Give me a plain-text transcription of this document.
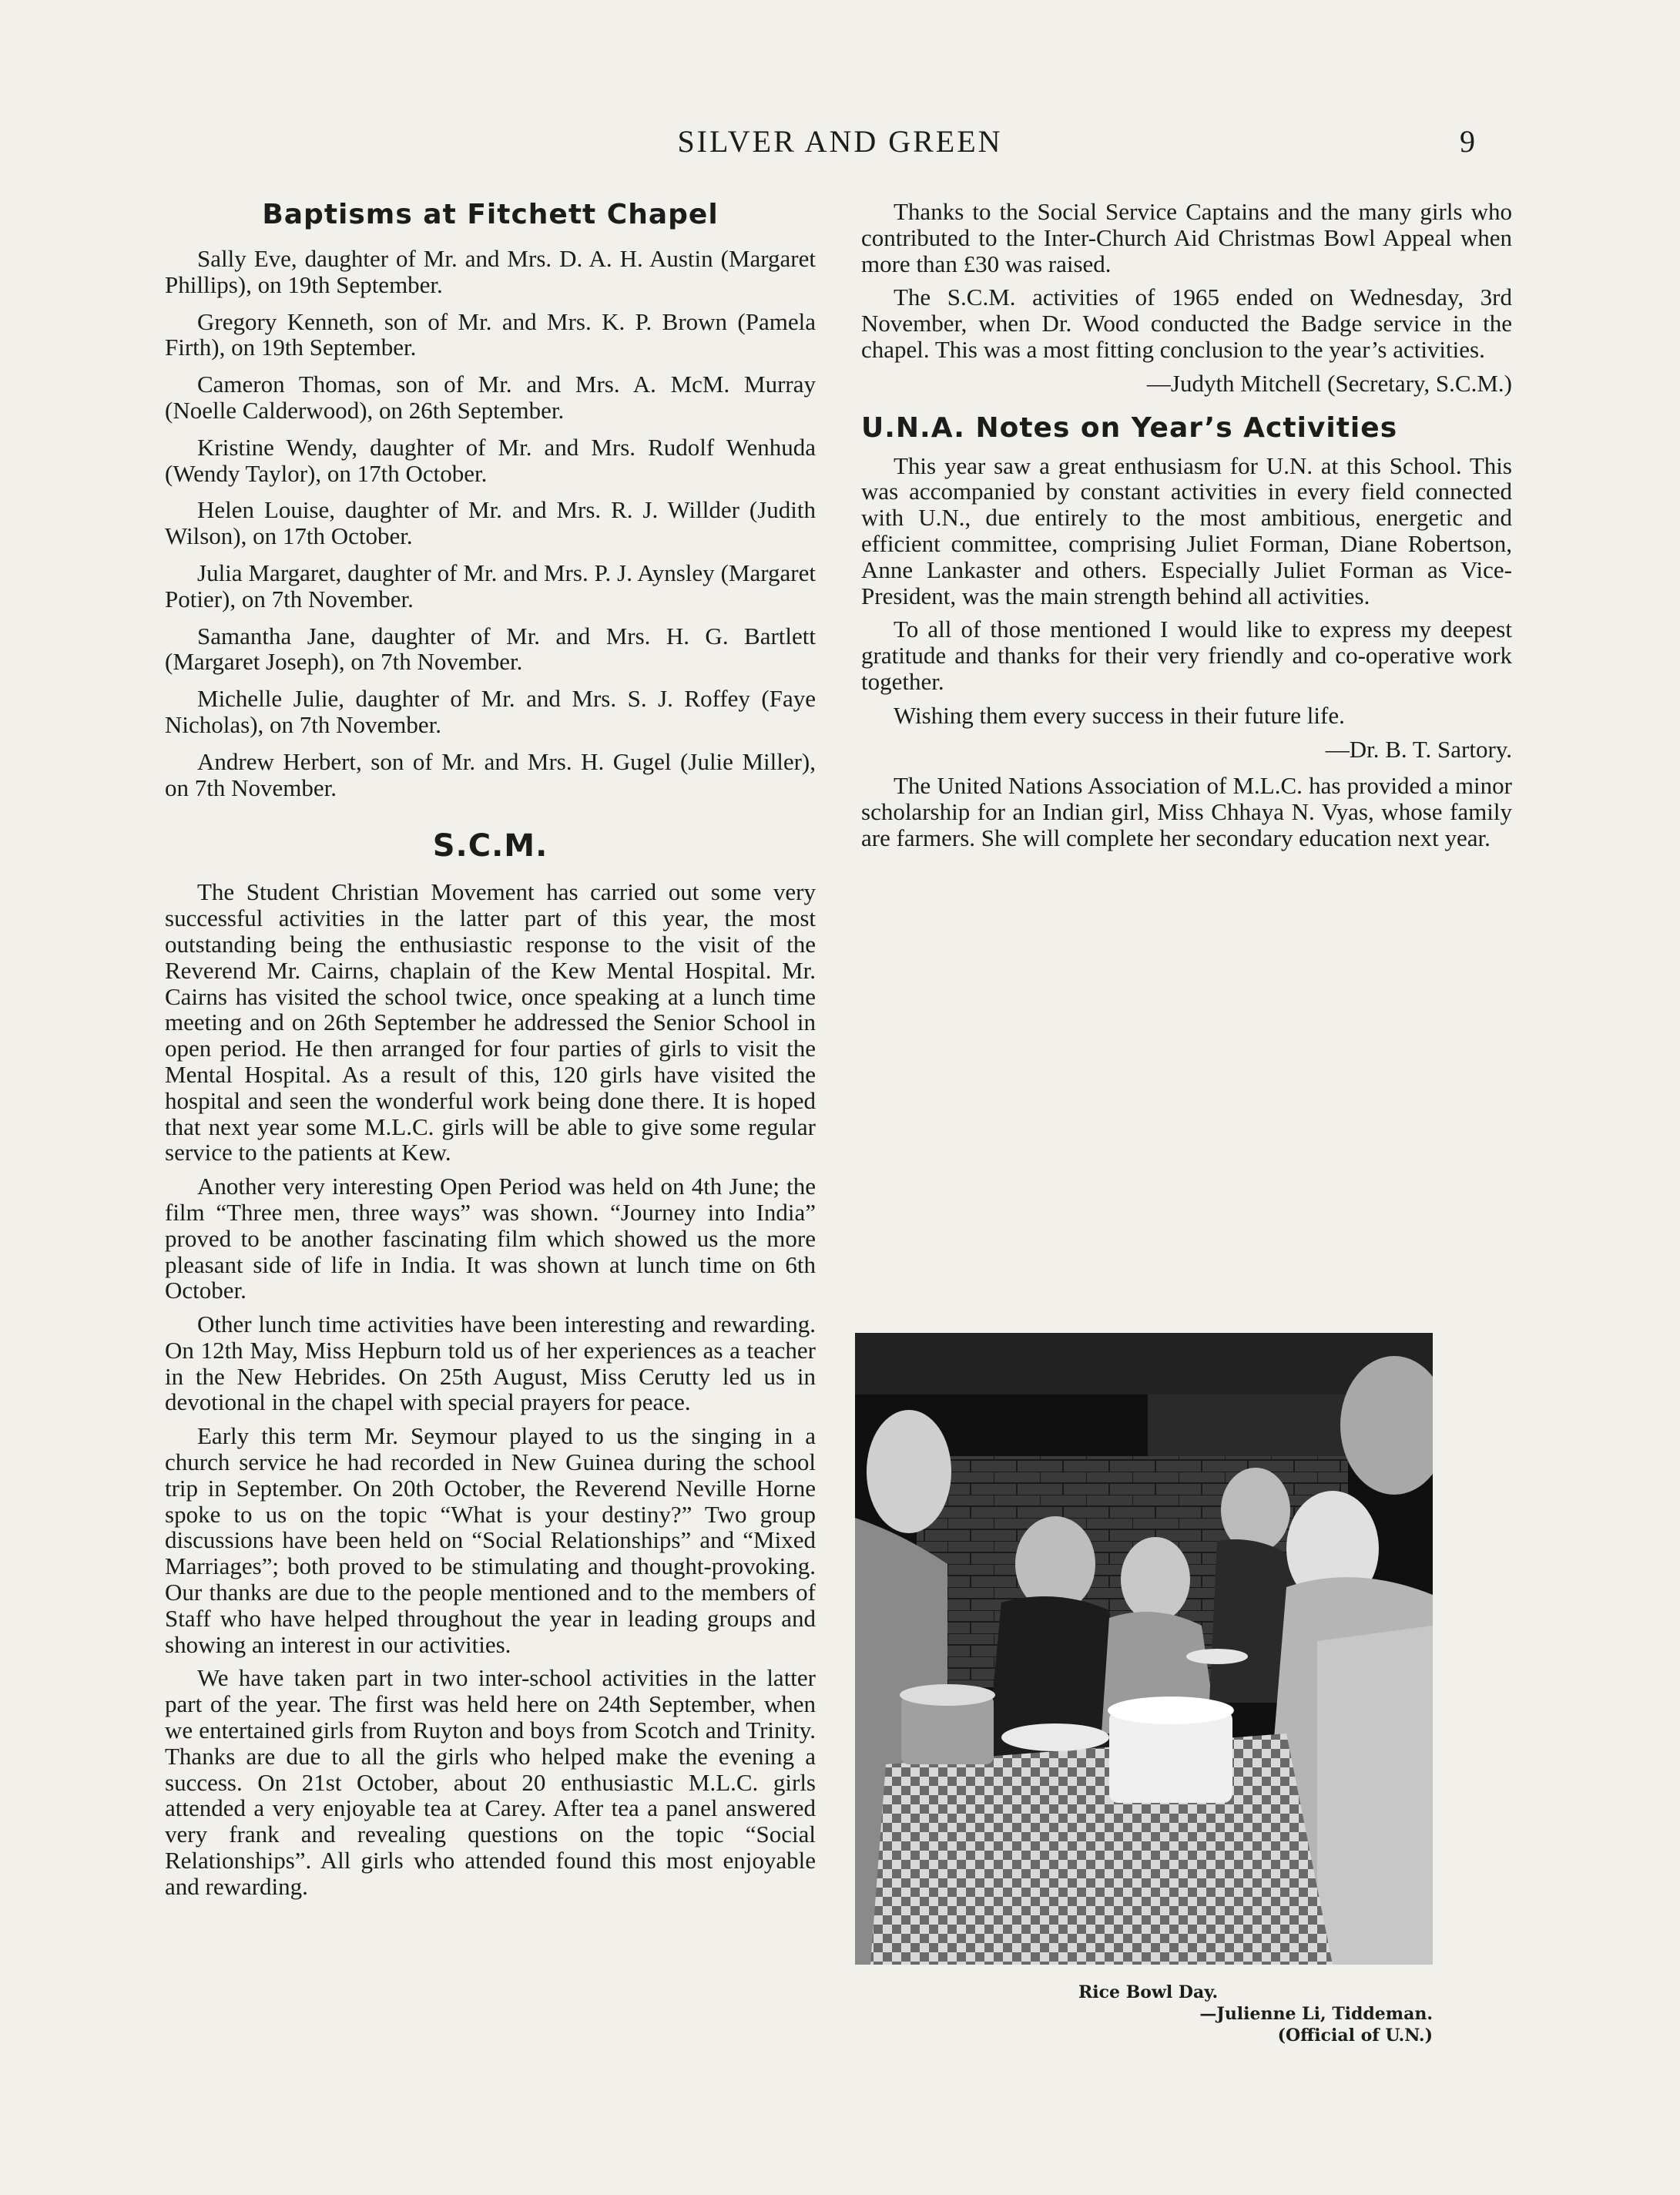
SILVER AND GREEN	9
Baptisms at Fitchett Chapel

Sally Eve, daughter of Mr. and Mrs. D. A. H. Austin (Margaret Phillips), on 19th September.

Gregory Kenneth, son of Mr. and Mrs. K. P. Brown (Pamela Firth), on 19th September.

Cameron Thomas, son of Mr. and Mrs. A. McM. Murray (Noelle Calderwood), on 26th September.

Kristine Wendy, daughter of Mr. and Mrs. Rudolf Wenhuda (Wendy Taylor), on 17th October.

Helen Louise, daughter of Mr. and Mrs. R. J. Willder (Judith Wilson), on 17th October.

Julia Margaret, daughter of Mr. and Mrs. P. J. Aynsley (Margaret Potier), on 7th November.

Samantha Jane, daughter of Mr. and Mrs. H. G. Bartlett (Margaret Joseph), on 7th November.

Michelle Julie, daughter of Mr. and Mrs. S. J. Roffey (Faye Nicholas), on 7th November.

Andrew Herbert, son of Mr. and Mrs. H. Gugel (Julie Miller), on 7th November.

S.C.M.

The Student Christian Movement has carried out some very successful activities in the latter part of this year, the most outstanding being the enthusiastic response to the visit of the Reverend Mr. Cairns, chaplain of the Kew Mental Hospital. Mr. Cairns has visited the school twice, once speaking at a lunch time meeting and on 26th September he addressed the Senior School in open period. He then arranged for four parties of girls to visit the Mental Hospital. As a result of this, 120 girls have visited the hospital and seen the wonderful work being done there. It is hoped that next year some M.L.C. girls will be able to give some regular service to the patients at Kew.

Another very interesting Open Period was held on 4th June; the film “Three men, three ways” was shown. “Journey into India” proved to be another fascinating film which showed us the more pleasant side of life in India. It was shown at lunch time on 6th October.

Other lunch time activities have been interesting and rewarding. On 12th May, Miss Hepburn told us of her experiences as a teacher in the New Hebrides. On 25th August, Miss Cerutty led us in devotional in the chapel with special prayers for peace.

Early this term Mr. Seymour played to us the singing in a church service he had recorded in New Guinea during the school trip in September. On 20th October, the Reverend Neville Horne spoke to us on the topic “What is your destiny?” Two group discussions have been held on “Social Relationships” and “Mixed Marriages”; both proved to be stimulating and thought-provoking. Our thanks are due to the people mentioned and to the members of Staff who have helped throughout the year in leading groups and showing an interest in our activities.

We have taken part in two inter-school activities in the latter part of the year. The first was held here on 24th September, when we entertained girls from Ruyton and boys from Scotch and Trinity. Thanks are due to all the girls who helped make the evening a success. On 21st October, about 20 enthusiastic M.L.C. girls attended a very enjoyable tea at Carey. After tea a panel answered very frank and revealing questions on the topic “Social Relationships”. All girls who attended found this most enjoyable and rewarding.

Thanks to the Social Service Captains and the many girls who contributed to the Inter-Church Aid Christmas Bowl Appeal when more than £30 was raised.

The S.C.M. activities of 1965 ended on Wednesday, 3rd November, when Dr. Wood conducted the Badge service in the chapel. This was a most fitting conclusion to the year’s activities.

—Judyth Mitchell (Secretary, S.C.M.)

U.N.A. Notes on Year’s Activities

This year saw a great enthusiasm for U.N. at this School. This was accompanied by constant activities in every field connected with U.N., due entirely to the most ambitious, energetic and efficient committee, comprising Juliet Forman, Diane Robertson, Anne Lankaster and others. Especially Juliet Forman as Vice-President, was the main strength behind all activities.

To all of those mentioned I would like to express my deepest gratitude and thanks for their very friendly and co-operative work together.

Wishing them every success in their future life.

—Dr. B. T. Sartory.

The United Nations Association of M.L.C. has provided a minor scholarship for an Indian girl, Miss Chhaya N. Vyas, whose family are farmers. She will complete her secondary education next year.

Rice Bowl Day.
—Julienne Li, Tiddeman.
(Official of U.N.)
